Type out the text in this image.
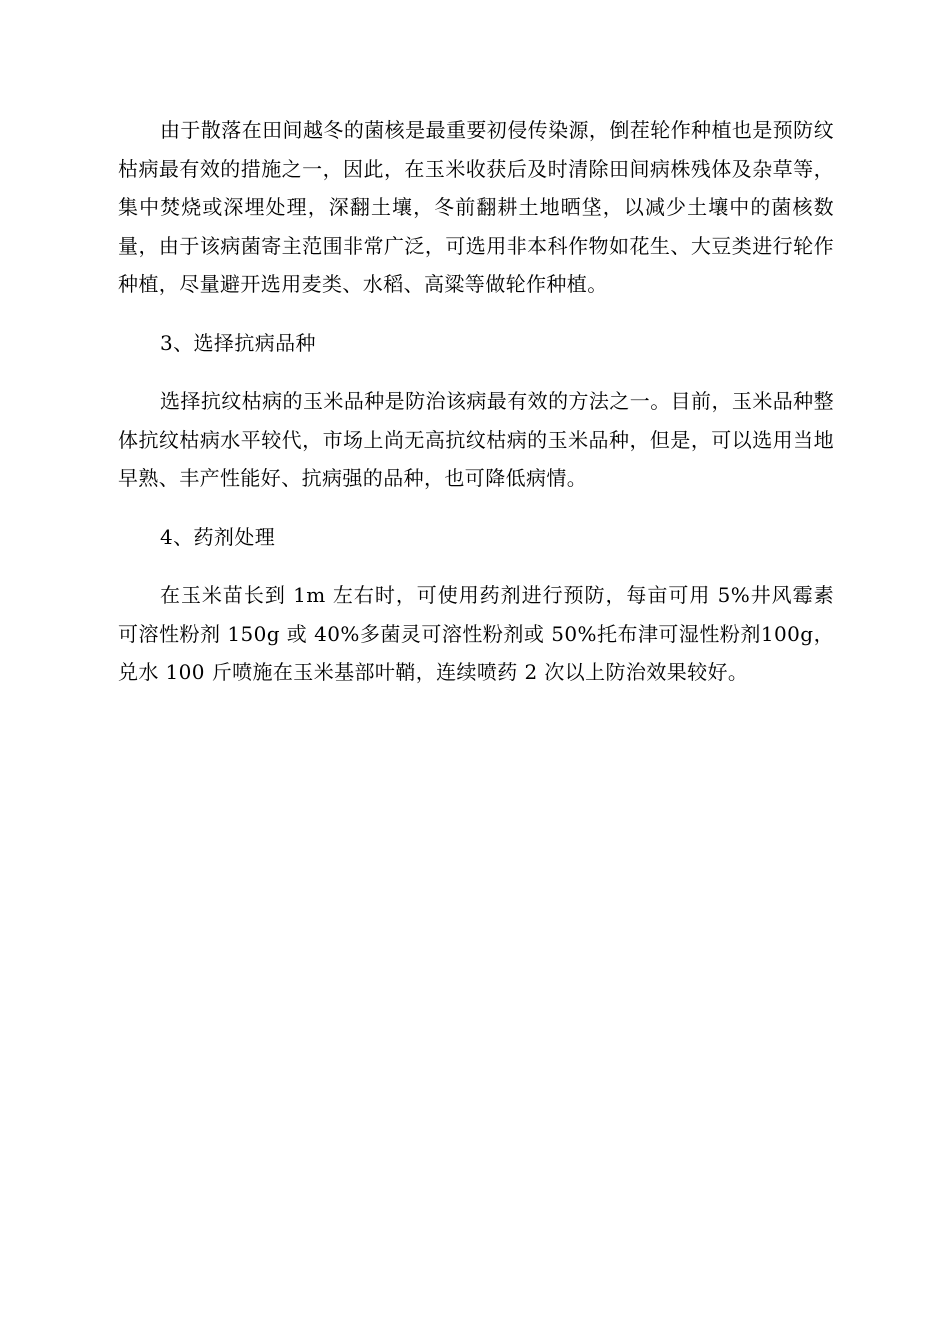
由于散落在田间越冬的菌核是最重要初侵传染源，倒茬轮作种植也是预防纹枯病最有效的措施之一，因此，在玉米收获后及时清除田间病株残体及杂草等，集中焚烧或深埋处理，深翻土壤，冬前翻耕土地晒垡，以减少土壤中的菌核数量，由于该病菌寄主范围非常广泛，可选用非本科作物如花生、大豆类进行轮作种植，尽量避开选用麦类、水稻、高粱等做轮作种植。

3、选择抗病品种

选择抗纹枯病的玉米品种是防治该病最有效的方法之一。目前，玉米品种整体抗纹枯病水平较代，市场上尚无高抗纹枯病的玉米品种，但是，可以选用当地早熟、丰产性能好、抗病强的品种，也可降低病情。

4、药剂处理

在玉米苗长到 1m 左右时，可使用药剂进行预防，每亩可用 5%井风霉素可溶性粉剂 150g 或 40%多菌灵可溶性粉剂或 50%托布津可湿性粉剂100g，兑水 100 斤喷施在玉米基部叶鞘，连续喷药 2 次以上防治效果较好。
